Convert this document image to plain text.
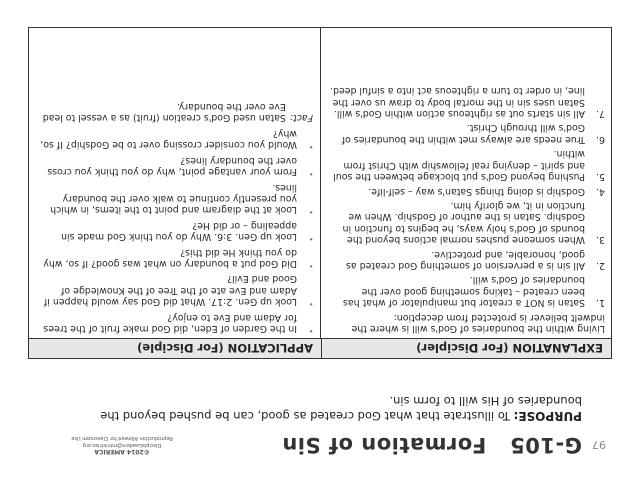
97
G-105   Formation of Sin
PURPOSE: To illustrate that what God created as good, can be pushed beyond the boundaries of His will to form sin.
©2014 AMERICA
DiscipleLeaders@ministries.org
Reproduction Allowed for Classroom Use
EXPLANATION (For Discipler)
APPLICATION (For Disciple)
Living within the boundaries of God's will is where the indwelt believer is protected from deception:
1.
Satan is NOT a creator but manipulator of what has been created – taking something good over the boundaries of God's will.
2.
All sin is a perversion of something God created as good, honorable, and protective.
3.
When someone pushes normal actions beyond the bounds of God's holy ways, he begins to function in Godship. Satan is the author of Godship. When we function in it, we glorify him.
4.
Godship is doing things Satan's way – self-life.
5.
Pushing beyond God's put blockage between the soul and spirit – denying real fellowship with Christ from within.
6.
True needs are always met within the boundaries of God's will through Christ.
7.
All sin starts out as righteous action within God's will. Satan uses sin in the mortal body to draw us over the line, in order to turn a righteous act into a sinful deed.
ᐩ
In the Garden of Eden, did God make fruit of the trees for Adam and Eve to enjoy?
ᐩ
Look up Gen. 2:17. What did God say would happen if Adam and Eve ate of the Tree of the Knowledge of Good and Evil?
ᐩ
Did God put a boundary on what was good? If so, why do you think He did this?
ᐩ
Look up Gen. 3:6. Why do you think God made sin appealing – or did He?
ᐩ
Look at the diagram and point to the items, in which you presently continue to walk over the boundary lines.
ᐩ
From your vantage point, why do you think you cross over the boundary lines?
ᐩ
Would you consider crossing over to be Godship? If so, why?
Fact:
Satan used God's creation (fruit) as a vessel to lead Eve over the boundary.
